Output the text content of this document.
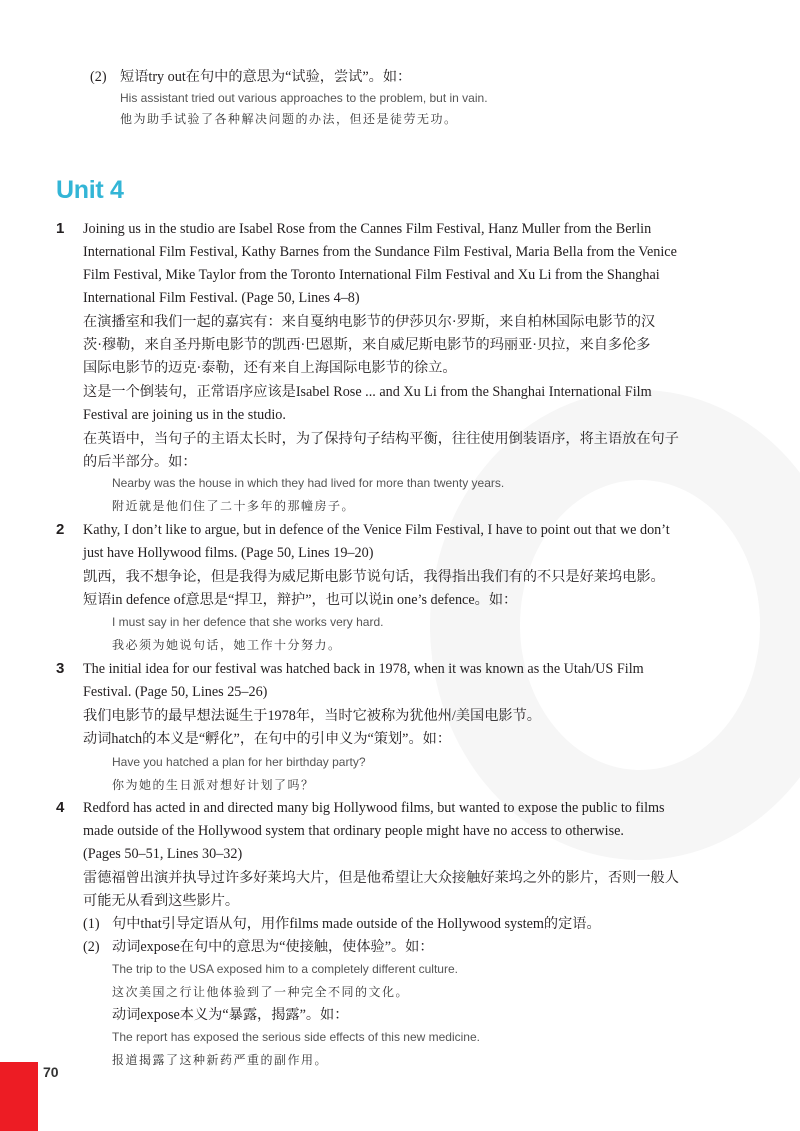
(2) 短语try out在句中的意思为“试验，尝试”。如：
His assistant tried out various approaches to the problem, but in vain.
他为助手试验了各种解决问题的办法，但还是徒劳无功。
Unit 4
1 Joining us in the studio are Isabel Rose from the Cannes Film Festival, Hanz Muller from the Berlin
International Film Festival, Kathy Barnes from the Sundance Film Festival, Maria Bella from the Venice
Film Festival, Mike Taylor from the Toronto International Film Festival and Xu Li from the Shanghai
International Film Festival. (Page 50, Lines 4–8)
在演播室和我们一起的嘉宾有：来自戛纳电影节的伊莎贝尔·罗斯，来自柏林国际电影节的汉
茨·穆勒，来自圣丹斯电影节的凯西·巴恩斯，来自威尼斯电影节的玛丽亚·贝拉，来自多伦多
国际电影节的迈克·泰勒，还有来自上海国际电影节的徐立。
这是一个倒装句，正常语序应该是Isabel Rose ... and Xu Li from the Shanghai International Film
Festival are joining us in the studio.
在英语中，当句子的主语太长时，为了保持句子结构平衡，往往使用倒装语序，将主语放在句子
的后半部分。如：
Nearby was the house in which they had lived for more than twenty years.
附近就是他们住了二十多年的那幢房子。
2 Kathy, I don’t like to argue, but in defence of the Venice Film Festival, I have to point out that we don’t
just have Hollywood films. (Page 50, Lines 19–20)
凯西，我不想争论，但是我得为威尼斯电影节说句话，我得指出我们有的不只是好莱坞电影。
短语in defence of意思是“捍卫，辩护”，也可以说in one’s defence。如：
I must say in her defence that she works very hard.
我必须为她说句话，她工作十分努力。
3 The initial idea for our festival was hatched back in 1978, when it was known as the Utah/US Film
Festival. (Page 50, Lines 25–26)
我们电影节的最早想法诞生于1978年，当时它被称为犹他州/美国电影节。
动词hatch的本义是“孵化”，在句中的引申义为“策划”。如：
Have you hatched a plan for her birthday party?
你为她的生日派对想好计划了吗？
4 Redford has acted in and directed many big Hollywood films, but wanted to expose the public to films
made outside of the Hollywood system that ordinary people might have no access to otherwise.
(Pages 50–51, Lines 30–32)
雷德福曾出演并执导过许多好莱坞大片，但是他希望让大众接触好莱坞之外的影片，否则一般人
可能无从看到这些影片。
(1) 句中that引导定语从句，用作films made outside of the Hollywood system的定语。
(2) 动词expose在句中的意思为“使接触，使体验”。如：
The trip to the USA exposed him to a completely different culture.
这次美国之行让他体验到了一种完全不同的文化。
动词expose本义为“暴露，揭露”。如：
The report has exposed the serious side effects of this new medicine.
报道揭露了这种新药严重的副作用。
70
